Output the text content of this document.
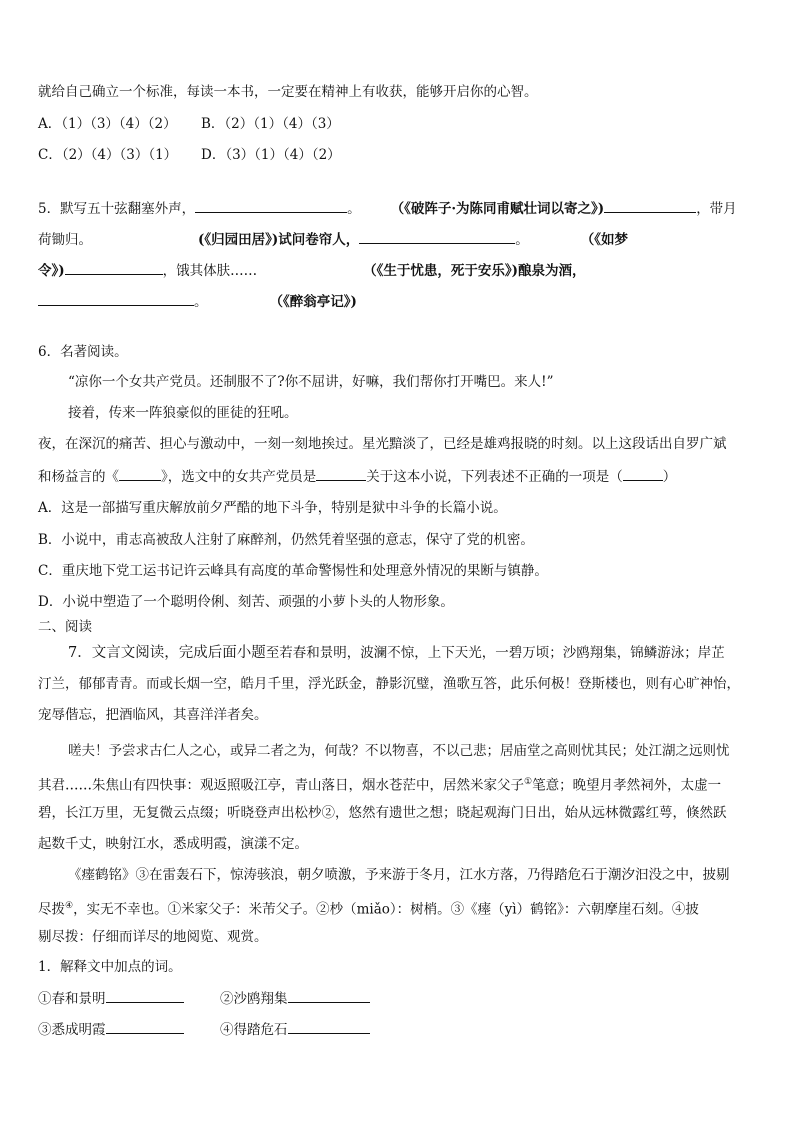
就给自己确立一个标准，每读一本书，一定要在精神上有收获，能够开启你的心智。
A．（1）（3）（4）（2） B．（2）（1）（4）（3）
C．（2）（4）（3）（1） D．（3）（1）（4）（2）
5．默写五十弦翻塞外声，	。 （《破阵子·为陈同甫赋壮词以寄之》)	，带月
荷锄归。	(《归园田居》)试问卷帘人，	。	（《如梦
令》)	，饿其体肤……	（《生于忧患，死于安乐》)酿泉为酒，
。	（《醉翁亭记》)
6．名著阅读。
“凉你一个女共产党员。还制服不了?你不屈讲，好嘛，我们帮你打开嘴巴。来人!”
接着，传来一阵狼豪似的匪徒的狂吼。
夜，在深沉的痛苦、担心与激动中，一刻一刻地挨过。星光黯淡了，已经是雄鸡报晓的时刻。以上这段话出自罗广斌
和杨益言的《	》，选文中的女共产党员是	关于这本小说，下列表述不正确的一项是（	）
A．这是一部描写重庆解放前夕严酷的地下斗争，特别是狱中斗争的长篇小说。
B．小说中，甫志高被敌人注射了麻醉剂，仍然凭着坚强的意志，保守了党的机密。
C．重庆地下党工运书记许云峰具有高度的革命警惕性和处理意外情况的果断与镇静。
D．小说中塑造了一个聪明伶俐、刻苦、顽强的小萝卜头的人物形象。
二、阅读
7．文言文阅读，完成后面小题至若春和景明，波澜不惊，上下天光，一碧万顷；沙鸥翔集，锦鳞游泳；岸芷
汀兰，郁郁青青。而或长烟一空，皓月千里，浮光跃金，静影沉璧，渔歌互答，此乐何极！登斯楼也，则有心旷神怡，
宠辱偕忘，把酒临风，其喜洋洋者矣。
嗟夫！予尝求古仁人之心，或异二者之为，何哉？不以物喜，不以己悲；居庙堂之高则忧其民；处江湖之远则忧
其君……朱焦山有四快事：观返照吸江亭，青山落日，烟水苍茫中，居然米家父子①笔意；晚望月孝然祠外，太虚一
碧，长江万里，无复微云点缀；听晓登声出松杪②，悠然有遗世之想；晓起观海门日出，始从远林微露红萼，倏然跃
起数千丈，映射江水，悉成明霞，演漾不定。
《瘗鹤铭》③在雷轰石下，惊涛骇浪，朝夕喷激，予来游于冬月，江水方落，乃得踏危石于潮汐汩没之中，披剔
尽拨④，实无不幸也。①米家父子：米芾父子。②杪（miǎo）：树梢。③《瘗（yì）鹤铭》：六朝摩崖石刻。④披
剔尽拨：仔细而详尽的地阅览、观赏。
1．解释文中加点的词。
①春和景明	②沙鸥翔集
③悉成明霞	④得踏危石
